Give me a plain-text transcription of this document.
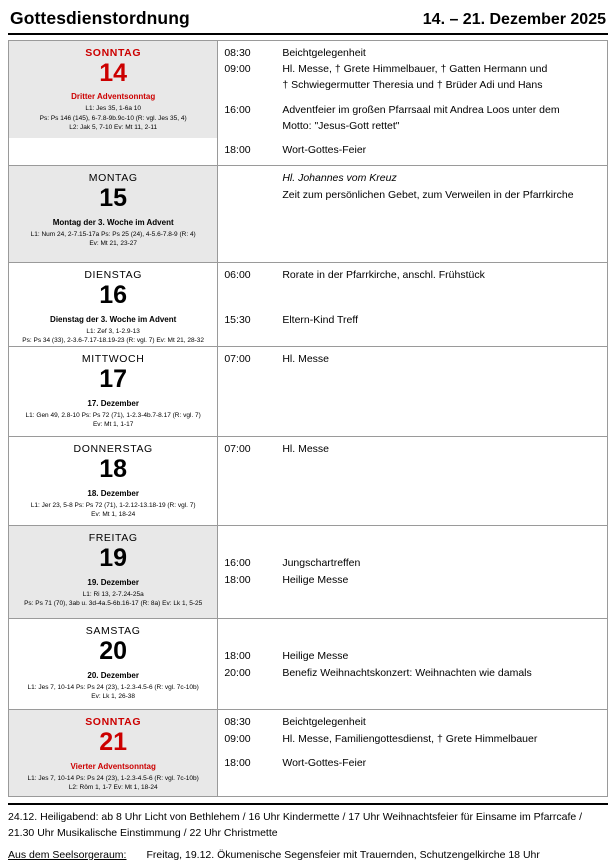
Gottesdienstordnung	14. – 21. Dezember 2025
SONNTAG
14
Dritter Adventsonntag
L1: Jes 35, 1-6a 10
Ps: Ps 146 (145), 6-7.8-9b.9c-10 (R: vgl. Jes 35, 4)
L2: Jak 5, 7-10 Ev: Mt 11, 2-11

08:30	Beichtgelegenheit
09:00	Hl. Messe, † Grete Himmelbauer, † Gatten Hermann und
† Schwiegermutter Theresia und † Brüder Adi und Hans
16:00	Adventfeier im großen Pfarrsaal mit Andrea Loos unter dem
Motto: "Jesus-Gott rettet"
18:00	Wort-Gottes-Feier

MONTAG
15
Montag der 3. Woche im Advent
L1: Num 24, 2-7.15-17a Ps: Ps 25 (24), 4-5.6-7.8-9 (R: 4)
Ev: Mt 21, 23-27

Hl. Johannes vom Kreuz
Zeit zum persönlichen Gebet, zum Verweilen in der Pfarrkirche

DIENSTAG
16
Dienstag der 3. Woche im Advent
L1: Zef 3, 1-2.9-13
Ps: Ps 34 (33), 2-3.6-7.17-18.19-23 (R: vgl. 7) Ev: Mt 21, 28-32

06:00	Rorate in der Pfarrkirche, anschl. Frühstück
15:30	Eltern-Kind Treff

MITTWOCH
17
17. Dezember
L1: Gen 49, 2.8-10 Ps: Ps 72 (71), 1-2.3-4b.7-8.17 (R: vgl. 7)
Ev: Mt 1, 1-17

07:00	Hl. Messe

DONNERSTAG
18
18. Dezember
L1: Jer 23, 5-8 Ps: Ps 72 (71), 1-2.12-13.18-19 (R: vgl. 7)
Ev: Mt 1, 18-24

07:00	Hl. Messe

FREITAG
19
19. Dezember
L1: Ri 13, 2-7.24-25a
Ps: Ps 71 (70), 3ab u. 3d-4a.5-6b.16-17 (R: 8a) Ev: Lk 1, 5-25

16:00	Jungschartreffen
18:00	Heilige Messe

SAMSTAG
20
20. Dezember
L1: Jes 7, 10-14 Ps: Ps 24 (23), 1-2.3-4.5-6 (R: vgl. 7c-10b)
Ev: Lk 1, 26-38

18:00	Heilige Messe
20:00	Benefiz Weihnachtskonzert: Weihnachten wie damals

SONNTAG
21
Vierter Adventsonntag
L1: Jes 7, 10-14 Ps: Ps 24 (23), 1-2.3-4.5-6 (R: vgl. 7c-10b)
L2: Röm 1, 1-7 Ev: Mt 1, 18-24

08:30	Beichtgelegenheit
09:00	Hl. Messe, Familiengottesdienst, † Grete Himmelbauer
18:00	Wort-Gottes-Feier
24.12. Heiligabend: ab 8 Uhr Licht von Bethlehem / 16 Uhr Kindermette / 17 Uhr Weihnachtsfeier für Einsame im Pfarrcafe / 21.30 Uhr Musikalische Einstimmung / 22 Uhr Christmette
Aus dem Seelsorgeraum:	Freitag, 19.12. Ökumenische Segensfeier mit Trauernden, Schutzengelkirche 18 Uhr
